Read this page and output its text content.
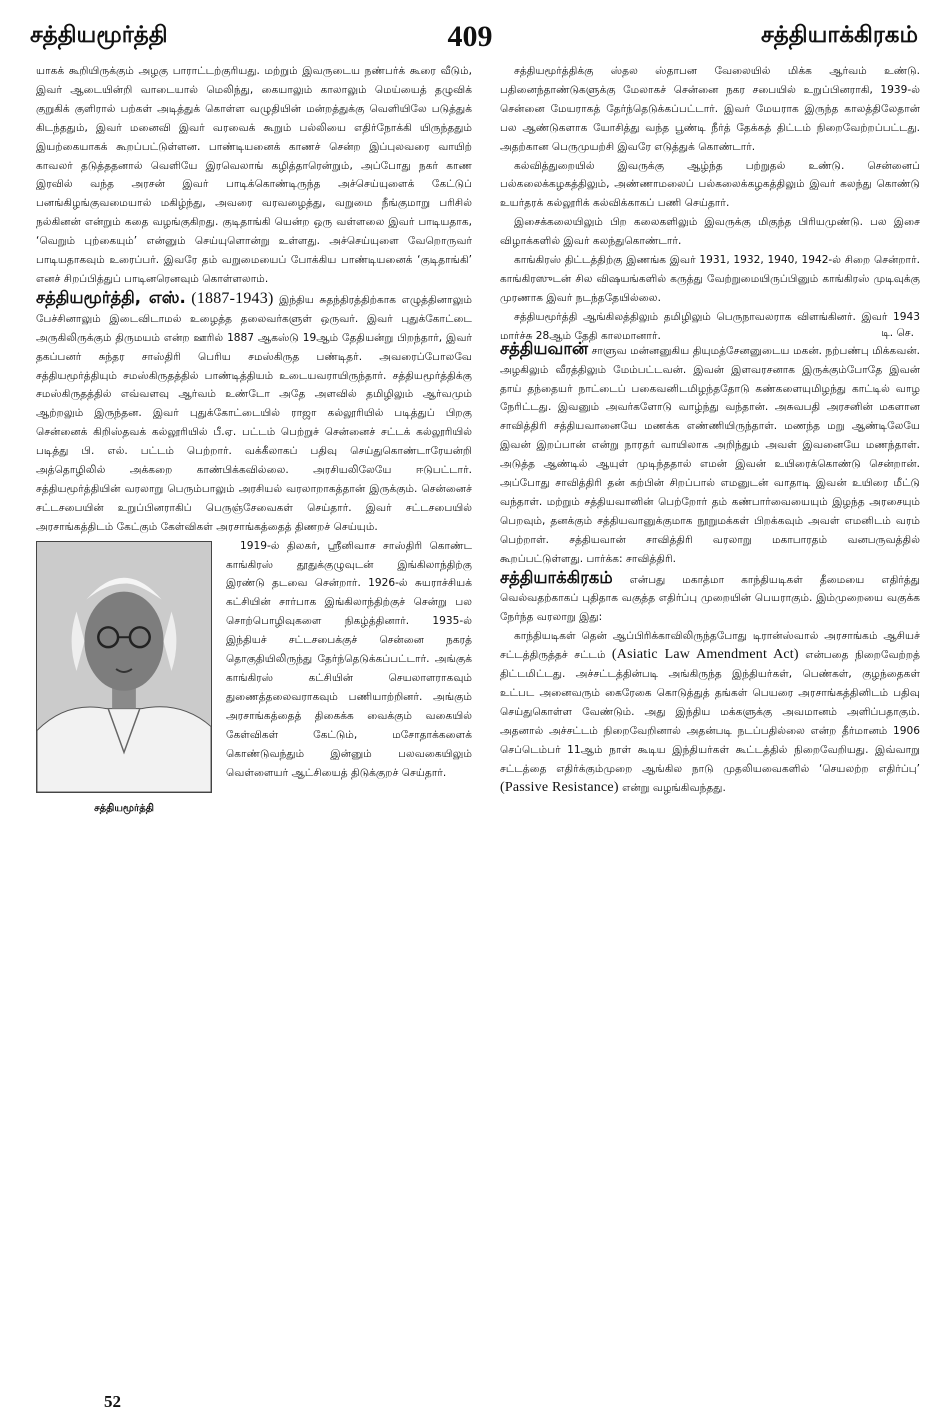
சத்தியமூர்த்தி	409	சத்தியாக்கிரகம்

யாகக் கூறியிருக்கும் அழகு பாராட்டற்குரியது. மற்றும் இவருடைய நண்பர்க் கூரை வீடும், இவர் ஆடையின்றி வாடையால் மெலிந்து, கையாலும் காலாலும் மெய்யைத் தழுவிக் குறுகிக் குளிரால் பற்கள் அடித்துக் கொள்ள வழுதியின் மன்றத்துக்கு வெளியிலே படுத்துக் கிடந்ததும், இவர் மனைவி இவர் வரவைக் கூறும் பல்லியை எதிர்நோக்கி யிருந்ததும் இயற்கையாகக் கூறப்பட்டுள்ளன. பாண்டியனைக் காணச் சென்ற இப்புலவரை வாயிற் காவலர் தடுத்ததனால் வெளியே இரவெலாங் கழித்தாரென்றும், அப்போது நகர் காண இரவில் வந்த அரசன் இவர் பாடிக்கொண்டிருந்த அச்செய்யுளைக் கேட்டுப் பனங்கிழங்குவமையால் மகிழ்ந்து, அவரை வரவழைத்து, வறுமை நீங்குமாறு பரிசில் நல்கினன் என்றும் கதை வழங்குகிறது. குடிதாங்கி யென்ற ஒரு வள்ளலை இவர் பாடியதாக, ‘வெறும் புற்கையும்’ என்னும் செய்யுளொன்று உள்ளது. அச்செய்யுளை வேறொருவர் பாடியதாகவும் உரைப்பர். இவரே தம் வறுமையைப் போக்கிய பாண்டியனைக் ‘குடிதாங்கி’ எனச் சிறப்பித்துப் பாடினரெனவும் கொள்ளலாம்.

சத்தியமூர்த்தி, எஸ். (1887-1943) இந்திய சுதந்திரத்திற்காக எழுத்தினாலும் பேச்சினாலும் இடைவிடாமல் உழைத்த தலைவர்களுள் ஒருவர். இவர் புதுக்கோட்டை அருகிலிருக்கும் திருமயம் என்ற ஊரில் 1887 ஆகஸ்டு 19ஆம் தேதியன்று பிறந்தார், இவர் தகப்பனர் சுந்தர சாஸ்திரி பெரிய சமஸ்கிருத பண்டிதர். அவரைப்போலவே சத்தியமூர்த்தியும் சமஸ்கிருதத்தில் பாண்டித்தியம் உடையவராயிருந்தார். சத்தியமூர்த்திக்கு சமஸ்கிருதத்தில் எவ்வளவு ஆர்வம் உண்டோ அதே அளவில் தமிழிலும் ஆர்வமும் ஆற்றலும் இருந்தன. இவர் புதுக்கோட்டையில் ராஜா கல்லூரியில் படித்துப் பிறகு சென்னைக் கிறிஸ்தவக் கல்லூரியில் பீ.ஏ. பட்டம் பெற்றுச் சென்னைச் சட்டக் கல்லூரியில் படித்து பி. எல். பட்டம் பெற்றார். வக்கீலாகப் பதிவு செய்துகொண்டாரேயன்றி அத்தொழிலில் அக்கறை காண்பிக்கவில்லை. அரசியலிலேயே ஈடுபட்டார். சத்தியமூர்த்தியின் வரலாறு பெரும்பாலும் அரசியல் வரலாறாகத்தான் இருக்கும். சென்னைச் சட்டசபையின் உறுப்பினராகிப் பெருஞ்சேவைகள் செய்தார். இவர் சட்டசபையில் அரசாங்கத்திடம் கேட்கும் கேள்விகள் அரசாங்கத்தைத் திணறச் செய்யும்.

சத்தியமூர்த்தி

1919-ல் திலகர், ஸ்ரீனிவாச சாஸ்திரி கொண்ட காங்கிரஸ் தூதுக்குழுவுடன் இங்கிலாந்திற்கு இரண்டு தடவை சென்றார். 1926-ல் சுயராச்சியக் கட்சியின் சார்பாக இங்கிலாந்திற்குச் சென்று பல சொற்பொழிவுகளை நிகழ்த்தினார். 1935-ல் இந்தியச் சட்டசபைக்குச் சென்னை நகரத் தொகுதியிலிருந்து தேர்ந்தெடுக்கப்பட்டார். அங்குக் காங்கிரஸ் கட்சியின் செயலாளராகவும் துணைத்தலைவராகவும் பணியாற்றினர். அங்கும் அரசாங்கத்தைத் திகைக்க வைக்கும் வகையில் கேள்விகள் கேட்டும், மசோதாக்களைக் கொண்டுவந்தும் இன்னும் பலவகையிலும் வெள்ளையர் ஆட்சியைத் திடுக்குறச் செய்தார்.

சத்தியமூர்த்திக்கு ஸ்தல ஸ்தாபன வேலையில் மிக்க ஆர்வம் உண்டு. பதினைந்தாண்டுகளுக்கு மேலாகச் சென்னை நகர சபையில் உறுப்பினராகி, 1939-ல் சென்னை மேயராகத் தேர்ந்தெடுக்கப்பட்டார். இவர் மேயராக இருந்த காலத்திலேதான் பல ஆண்டுகளாக யோசித்து வந்த பூண்டி நீர்த் தேக்கத் திட்டம் நிறைவேற்றப்பட்டது. அதற்கான பெருமுயற்சி இவரே எடுத்துக் கொண்டார்.

கல்வித்துறையில் இவருக்கு ஆழ்ந்த பற்றுதல் உண்டு. சென்னைப் பல்கலைக்கழகத்திலும், அண்ணாமலைப் பல்கலைக்கழகத்திலும் இவர் கலந்து கொண்டு உயர்தரக் கல்லூரிக் கல்விக்காகப் பணி செய்தார்.

இசைக்கலையிலும் பிற கலைகளிலும் இவருக்கு மிகுந்த பிரியமுண்டு. பல இசை விழாக்களில் இவர் கலந்துகொண்டார்.

காங்கிரஸ் திட்டத்திற்கு இணங்க இவர் 1931, 1932, 1940, 1942-ல் சிறை சென்றார். காங்கிரஸுடன் சில விஷயங்களில் கருத்து வேற்றுமையிருப்பினும் காங்கிரஸ் முடிவுக்கு முரணாக இவர் நடந்ததேயில்லை.

சத்தியமூர்த்தி ஆங்கிலத்திலும் தமிழிலும் பெருநாவலராக விளங்கினர். இவர் 1943 மார்ச்சு 28ஆம் தேதி காலமானார்.	டி. செ.

சத்தியவான் சாளுவ மன்னனுகிய தியுமத்சேனனுடைய மகன். நற்பண்பு மிக்கவன். அழகிலும் வீரத்திலும் மேம்பட்டவன். இவன் இளவரசனாக இருக்கும்போதே இவன் தாய் தந்தையர் நாட்டைப் பகைவனிடமிழந்ததோடு கண்களையுமிழந்து காட்டில் வாழ நேரிட்டது. இவனும் அவர்களோடு வாழ்ந்து வந்தான். அசுவபதி அரசனின் மகளான சாவித்திரி சத்தியவானையே மணக்க எண்ணியிருந்தாள். மணந்த மறு ஆண்டிலேயே இவன் இறப்பான் என்று நாரதர் வாயிலாக அறிந்தும் அவள் இவனையே மணந்தாள். அடுத்த ஆண்டில் ஆயுள் முடிந்ததால் எமன் இவன் உயிரைக்கொண்டு சென்றான். அப்போது சாவித்திரி தன் கற்பின் சிறப்பால் எமனுடன் வாதாடி இவன் உயிரை மீட்டு வந்தாள். மற்றும் சத்தியவானின் பெற்றோர் தம் கண்பார்வையையும் இழந்த அரசையும் பெறவும், தனக்கும் சத்தியவானுக்குமாக நூறுமக்கள் பிறக்கவும் அவள் எமனிடம் வரம் பெற்றாள். சத்தியவான் சாவித்திரி வரலாறு மகாபாரதம் வனபருவத்தில் கூறப்பட்டுள்ளது. பார்க்க: சாவித்திரி.

சத்தியாக்கிரகம் என்பது மகாத்மா காந்தியடிகள் தீமையை எதிர்த்து வெல்வதற்காகப் புதிதாக வகுத்த எதிர்ப்பு முறையின் பெயராகும். இம்முறையை வகுக்க நேர்ந்த வரலாறு இது:

காந்தியடிகள் தென் ஆப்பிரிக்காவிலிருந்தபோது டிரான்ஸ்வால் அரசாங்கம் ஆசியச் சட்டத்திருத்தச் சட்டம் (Asiatic Law Amendment Act) என்பதை நிறைவேற்றத் திட்டமிட்டது. அச்சட்டத்தின்படி அங்கிருந்த இந்தியர்கள், பெண்கள், குழந்தைகள் உட்பட அனைவரும் கைரேகை கொடுத்துத் தங்கள் பெயரை அரசாங்கத்தினிடம் பதிவு செய்துகொள்ள வேண்டும். அது இந்திய மக்களுக்கு அவமானம் அளிப்பதாகும். அதனால் அச்சட்டம் நிறைவேறினால் அதன்படி நடப்பதில்லை என்ற தீர்மானம் 1906 செப்டெம்பர் 11ஆம் நாள் கூடிய இந்தியர்கள் கூட்டத்தில் நிறைவேறியது. இவ்வாறு சட்டத்தை எதிர்க்கும்முறை ஆங்கில நாடு முதலியவைகளில் ‘செயலற்ற எதிர்ப்பு’ (Passive Resistance) என்று வழங்கிவந்தது.

52
